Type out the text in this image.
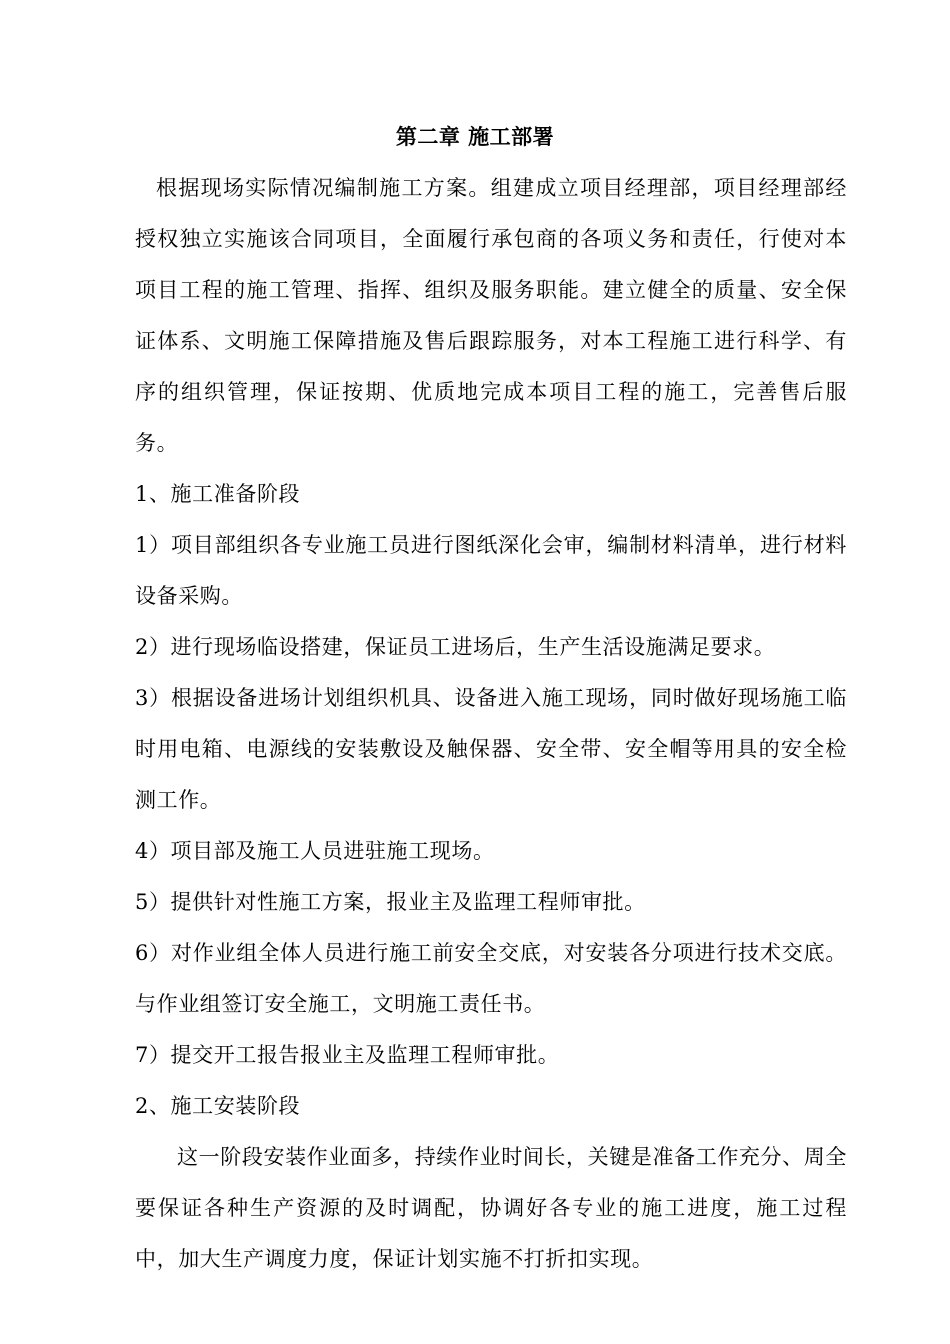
第二章 施工部署

根据现场实际情况编制施工方案。组建成立项目经理部，项目经理部经授权独立实施该合同项目，全面履行承包商的各项义务和责任，行使对本项目工程的施工管理、指挥、组织及服务职能。建立健全的质量、安全保证体系、文明施工保障措施及售后跟踪服务，对本工程施工进行科学、有序的组织管理，保证按期、优质地完成本项目工程的施工，完善售后服务。

1、施工准备阶段

1）项目部组织各专业施工员进行图纸深化会审，编制材料清单，进行材料设备采购。

2）进行现场临设搭建，保证员工进场后，生产生活设施满足要求。

3）根据设备进场计划组织机具、设备进入施工现场，同时做好现场施工临时用电箱、电源线的安装敷设及触保器、安全带、安全帽等用具的安全检测工作。

4）项目部及施工人员进驻施工现场。

5）提供针对性施工方案，报业主及监理工程师审批。

6）对作业组全体人员进行施工前安全交底，对安装各分项进行技术交底。与作业组签订安全施工，文明施工责任书。

7）提交开工报告报业主及监理工程师审批。

2、施工安装阶段

这一阶段安装作业面多，持续作业时间长，关键是准备工作充分、周全要保证各种生产资源的及时调配，协调好各专业的施工进度，施工过程中，加大生产调度力度，保证计划实施不打折扣实现。
